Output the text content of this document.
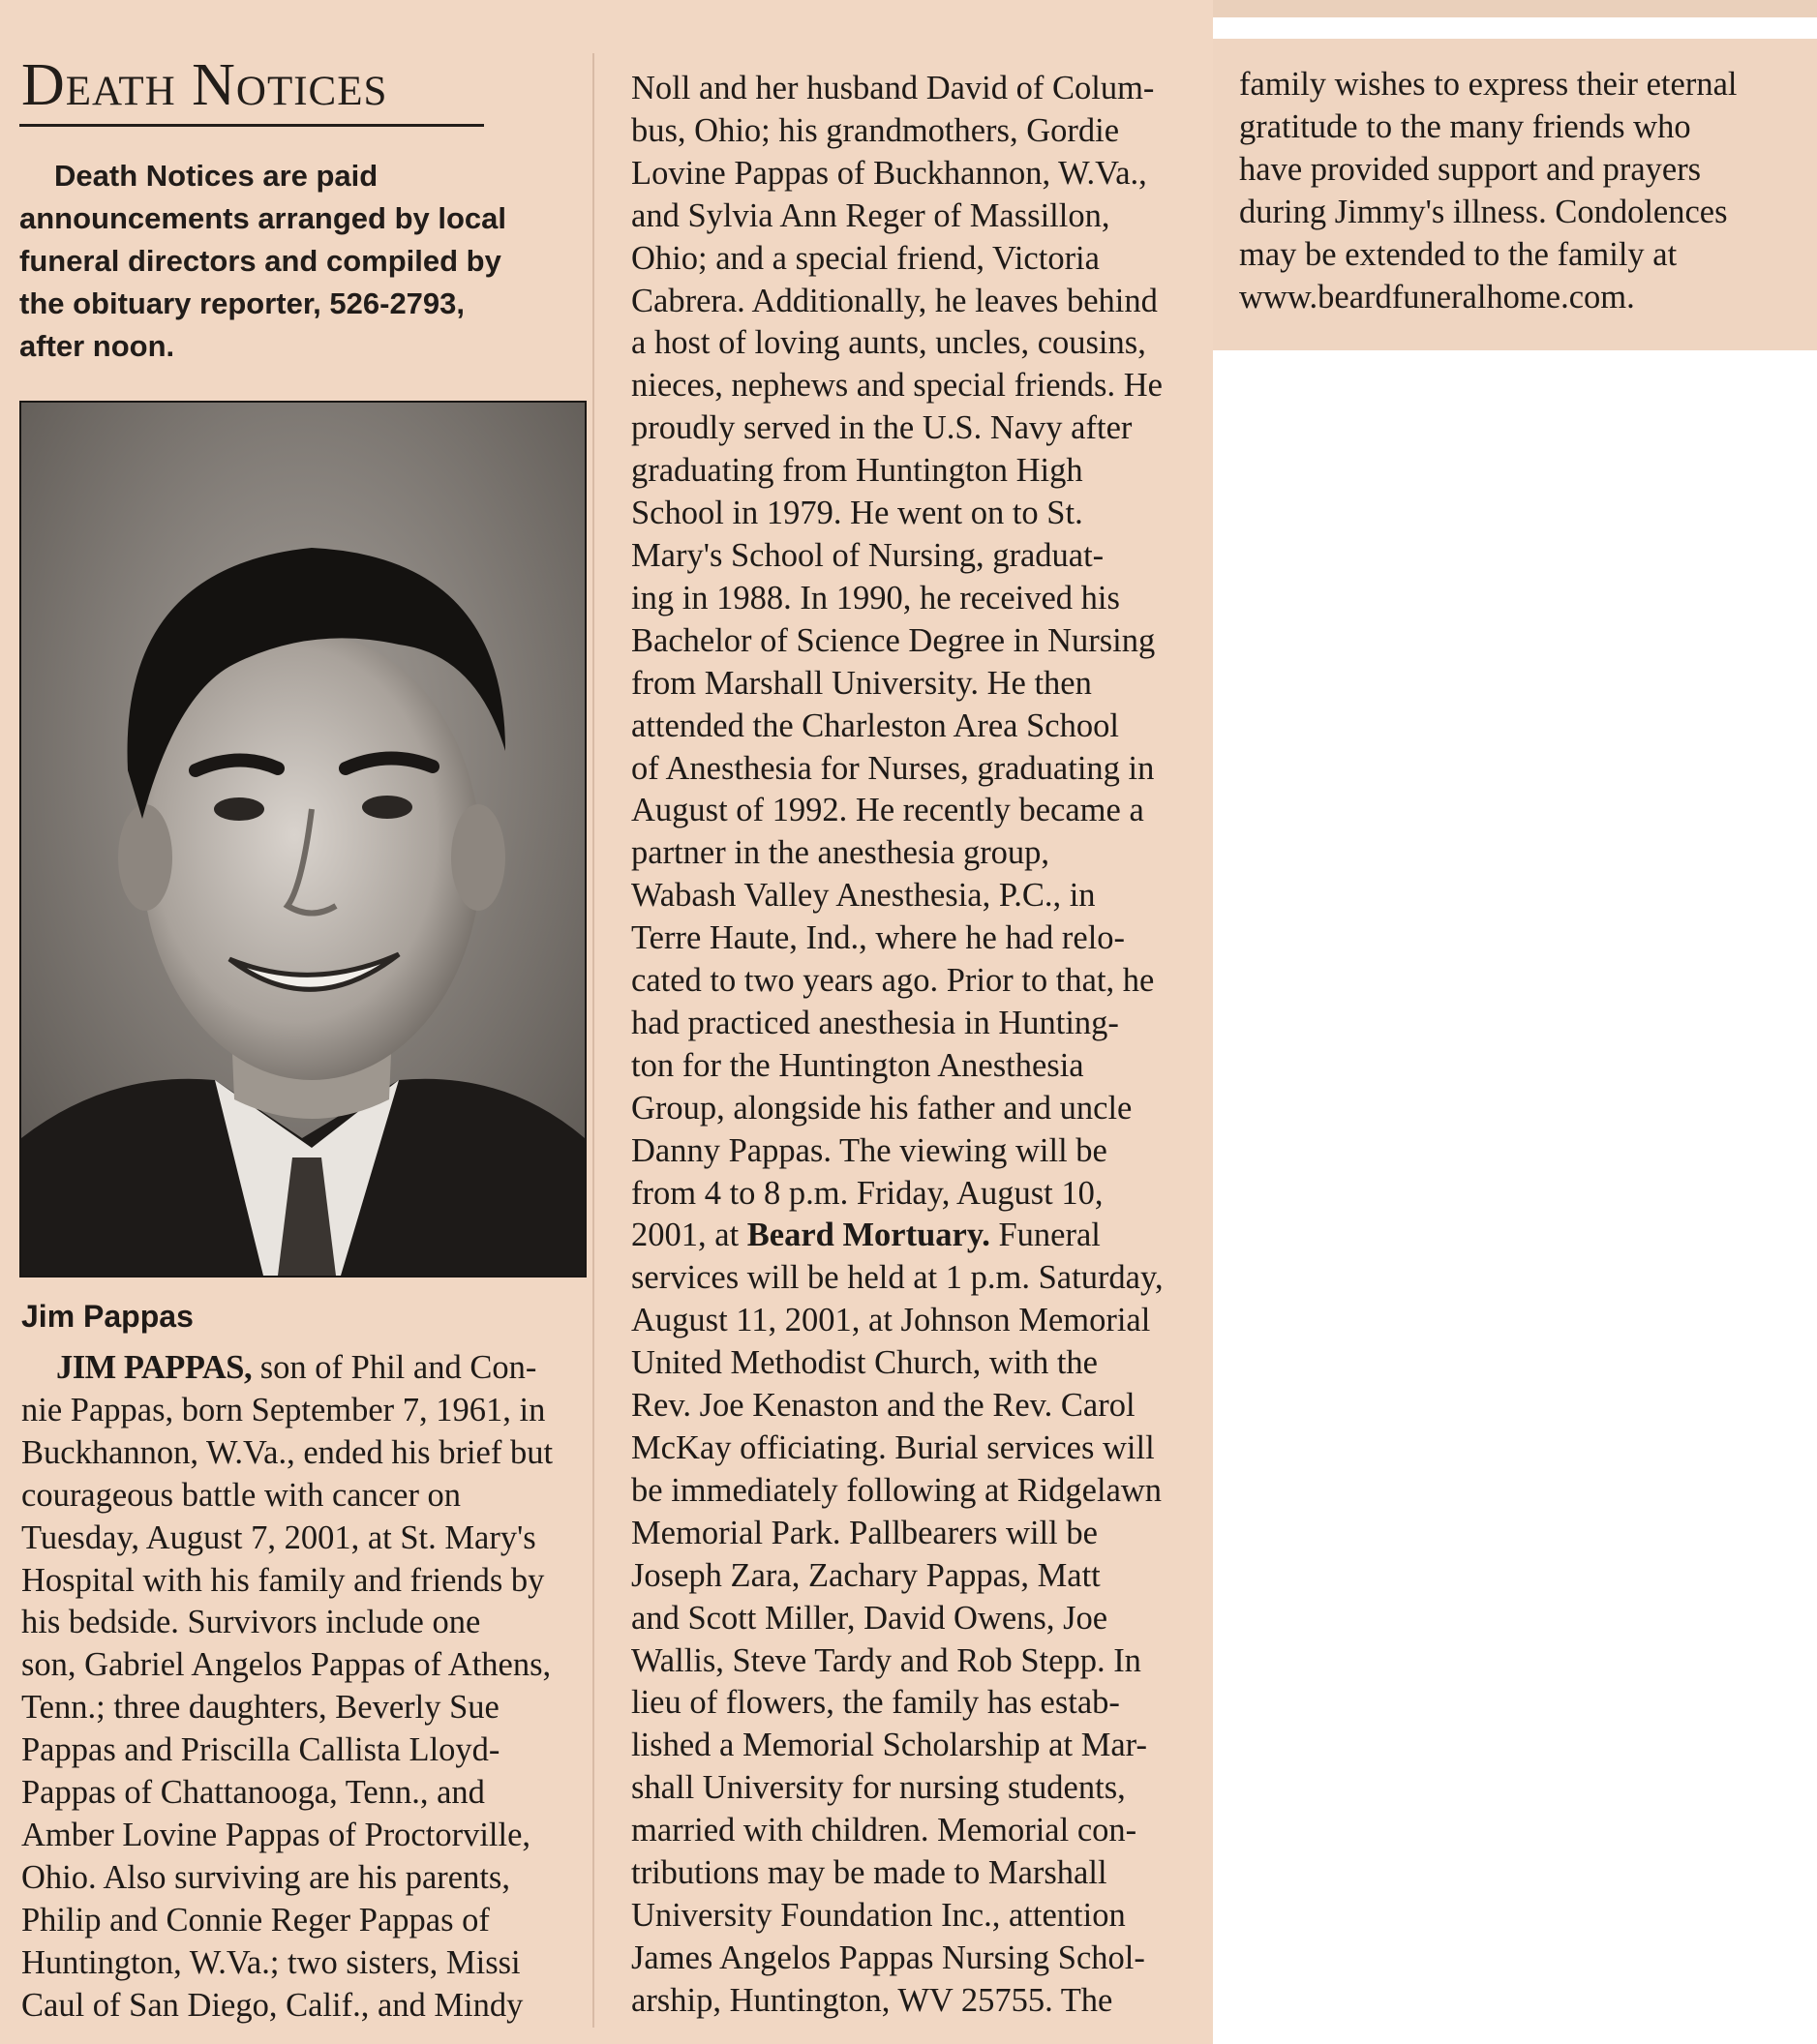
Death Notices
Death Notices are paid
announcements arranged by local
funeral directors and compiled by
the obituary reporter, 526-2793,
after noon.
Jim Pappas
JIM PAPPAS, son of Phil and Con-
nie Pappas, born September 7, 1961, in
Buckhannon, W.Va., ended his brief but
courageous battle with cancer on
Tuesday, August 7, 2001, at St. Mary's
Hospital with his family and friends by
his bedside. Survivors include one
son, Gabriel Angelos Pappas of Athens,
Tenn.; three daughters, Beverly Sue
Pappas and Priscilla Callista Lloyd-
Pappas of Chattanooga, Tenn., and
Amber Lovine Pappas of Proctorville,
Ohio. Also surviving are his parents,
Philip and Connie Reger Pappas of
Huntington, W.Va.; two sisters, Missi
Caul of San Diego, Calif., and Mindy
Noll and her husband David of Colum-
bus, Ohio; his grandmothers, Gordie
Lovine Pappas of Buckhannon, W.Va.,
and Sylvia Ann Reger of Massillon,
Ohio; and a special friend, Victoria
Cabrera. Additionally, he leaves behind
a host of loving aunts, uncles, cousins,
nieces, nephews and special friends. He
proudly served in the U.S. Navy after
graduating from Huntington High
School in 1979. He went on to St.
Mary's School of Nursing, graduat-
ing in 1988. In 1990, he received his
Bachelor of Science Degree in Nursing
from Marshall University. He then
attended the Charleston Area School
of Anesthesia for Nurses, graduating in
August of 1992. He recently became a
partner in the anesthesia group,
Wabash Valley Anesthesia, P.C., in
Terre Haute, Ind., where he had relo-
cated to two years ago. Prior to that, he
had practiced anesthesia in Hunting-
ton for the Huntington Anesthesia
Group, alongside his father and uncle
Danny Pappas. The viewing will be
from 4 to 8 p.m. Friday, August 10,
2001, at Beard Mortuary. Funeral
services will be held at 1 p.m. Saturday,
August 11, 2001, at Johnson Memorial
United Methodist Church, with the
Rev. Joe Kenaston and the Rev. Carol
McKay officiating. Burial services will
be immediately following at Ridgelawn
Memorial Park. Pallbearers will be
Joseph Zara, Zachary Pappas, Matt
and Scott Miller, David Owens, Joe
Wallis, Steve Tardy and Rob Stepp. In
lieu of flowers, the family has estab-
lished a Memorial Scholarship at Mar-
shall University for nursing students,
married with children. Memorial con-
tributions may be made to Marshall
University Foundation Inc., attention
James Angelos Pappas Nursing Schol-
arship, Huntington, WV 25755. The
family wishes to express their eternal
gratitude to the many friends who
have provided support and prayers
during Jimmy's illness. Condolences
may be extended to the family at
www.beardfuneralhome.com.
